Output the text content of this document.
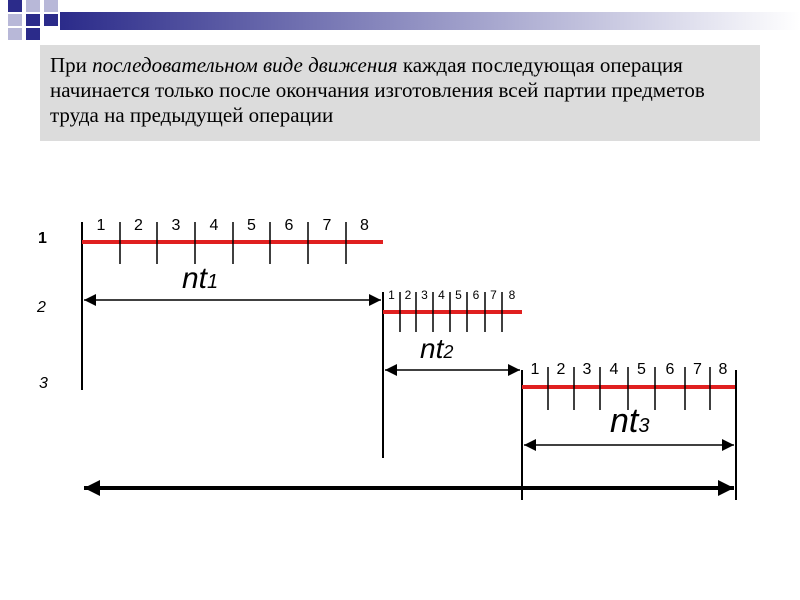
При последовательном виде движения каждая последующая операция начинается только после окончания изготовления всей партии предметов труда на предыдущей операции

1
2
3
1 2 3 4 5 6 7 8
nt1
1 2 3 4 5 6 7 8
nt2
1 2 3 4 5 6 7 8
nt3
